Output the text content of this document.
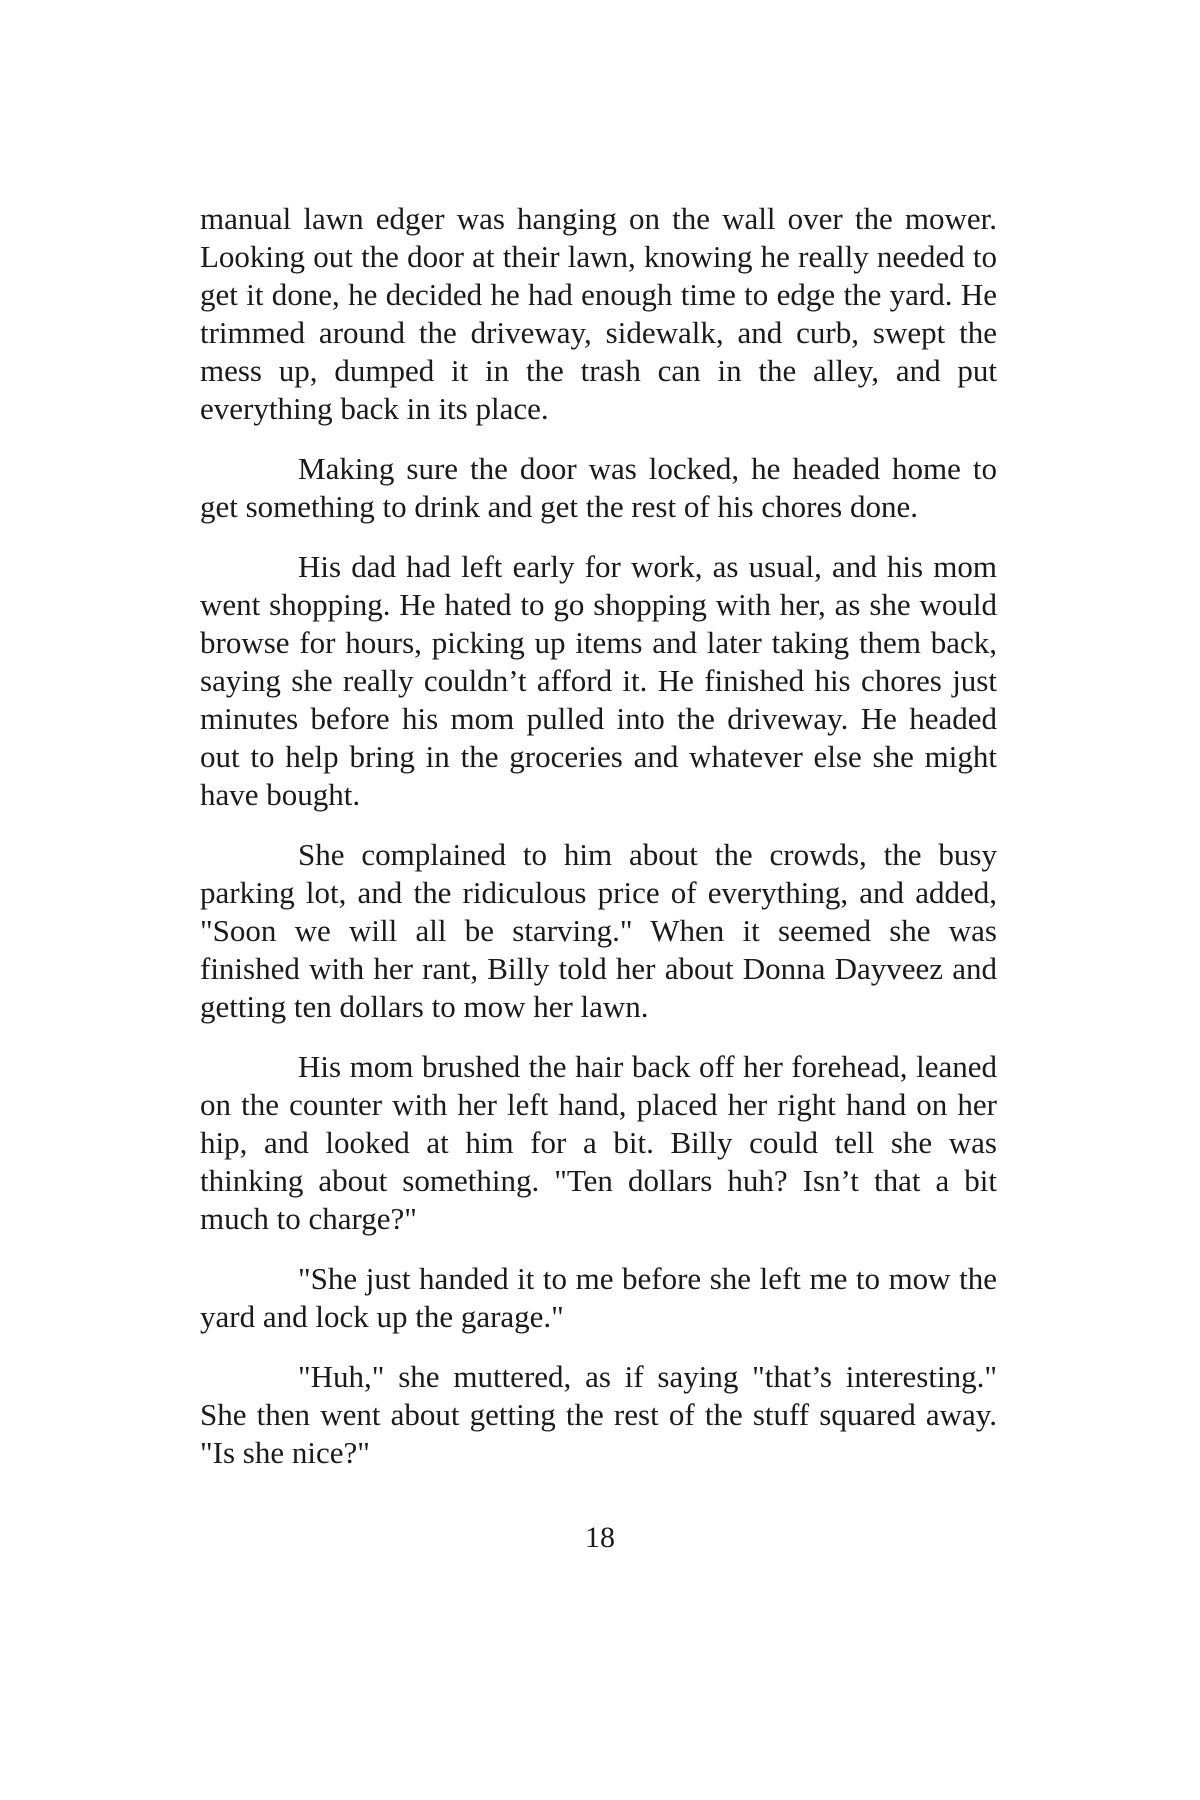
manual lawn edger was hanging on the wall over the mower. Looking out the door at their lawn, knowing he really needed to get it done, he decided he had enough time to edge the yard. He trimmed around the driveway, sidewalk, and curb, swept the mess up, dumped it in the trash can in the alley, and put everything back in its place.

Making sure the door was locked, he headed home to get something to drink and get the rest of his chores done.

His dad had left early for work, as usual, and his mom went shopping. He hated to go shopping with her, as she would browse for hours, picking up items and later taking them back, saying she really couldn’t afford it. He finished his chores just minutes before his mom pulled into the driveway. He headed out to help bring in the groceries and whatever else she might have bought.

She complained to him about the crowds, the busy parking lot, and the ridiculous price of everything, and added, "Soon we will all be starving." When it seemed she was finished with her rant, Billy told her about Donna Dayveez and getting ten dollars to mow her lawn.

His mom brushed the hair back off her forehead, leaned on the counter with her left hand, placed her right hand on her hip, and looked at him for a bit. Billy could tell she was thinking about something. "Ten dollars huh? Isn’t that a bit much to charge?"

"She just handed it to me before she left me to mow the yard and lock up the garage."

"Huh," she muttered, as if saying "that’s interesting." She then went about getting the rest of the stuff squared away. "Is she nice?"

18
